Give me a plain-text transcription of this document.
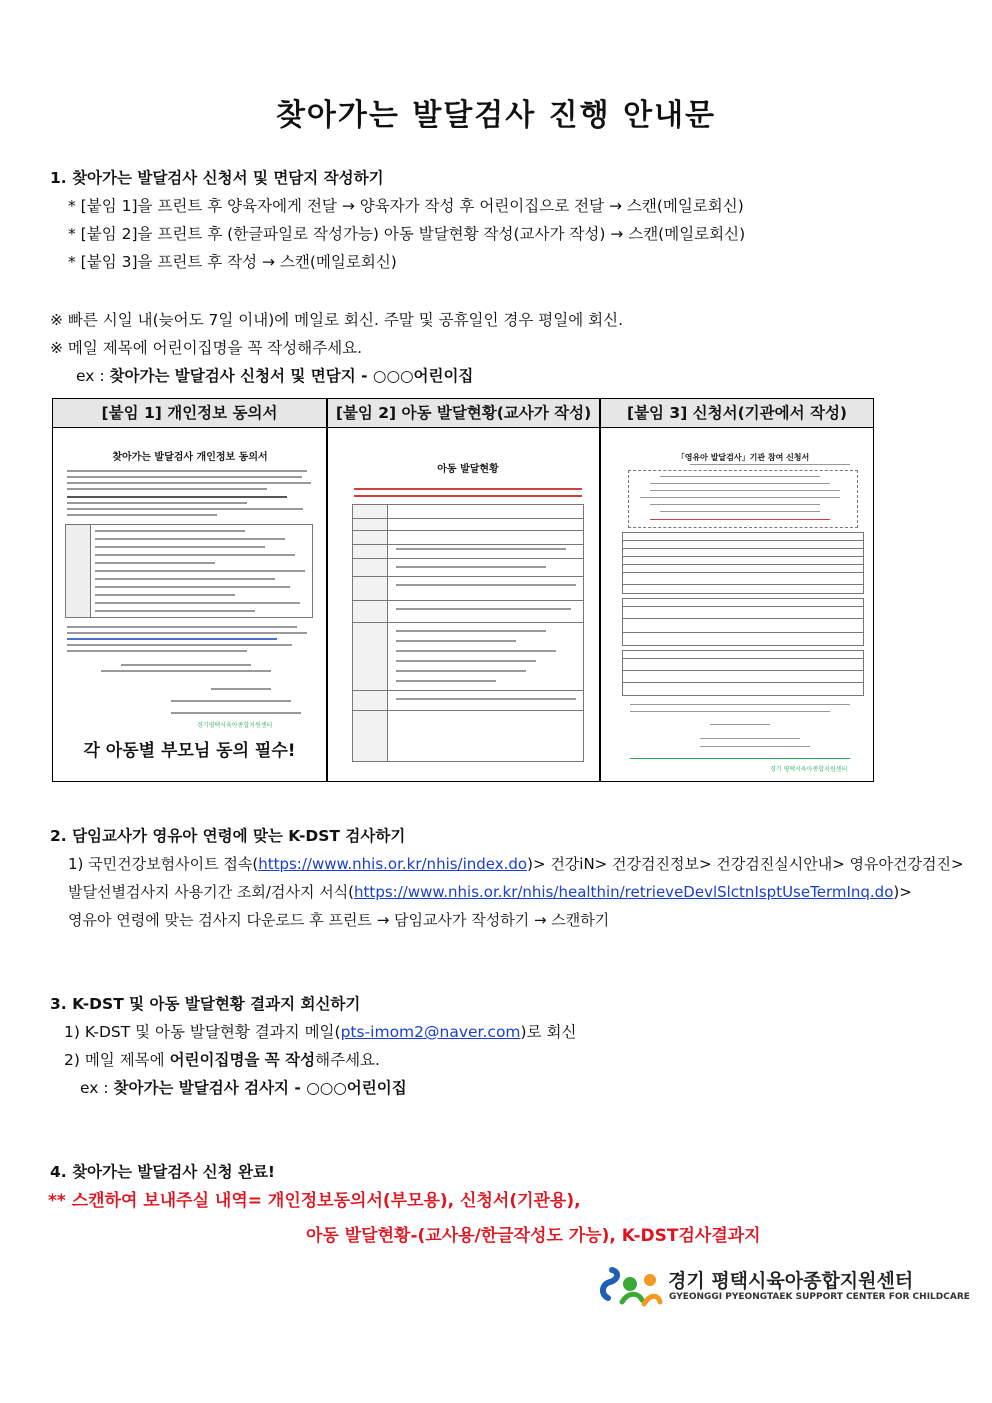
찾아가는 발달검사 진행 안내문
1. 찾아가는 발달검사 신청서 및 면담지 작성하기
* [붙임 1]을 프린트 후 양육자에게 전달 → 양육자가 작성 후 어린이집으로 전달 → 스캔(메일로회신)
* [붙임 2]을 프린트 후 (한글파일로 작성가능) 아동 발달현황 작성(교사가 작성) → 스캔(메일로회신)
* [붙임 3]을 프린트 후 작성 → 스캔(메일로회신)
※ 빠른 시일 내(늦어도 7일 이내)에 메일로 회신. 주말 및 공휴일인 경우 평일에 회신.
※ 메일 제목에 어린이집명을 꼭 작성해주세요.
ex : 찾아가는 발달검사 신청서 및 면담지 - ○○○어린이집
[붙임 1] 개인정보 동의서	[붙임 2] 아동 발달현황(교사가 작성)	[붙임 3] 신청서(기관에서 작성)
찾아가는 발달검사 개인정보 동의서
경기평택시육아종합지원센터
각 아동별 부모님 동의 필수!
아동 발달현황
「영유아 발달검사」기관 참여 신청서
경기 평택시육아종합지원센터
2. 담임교사가 영유아 연령에 맞는 K-DST 검사하기
1) 국민건강보험사이트 접속(https://www.nhis.or.kr/nhis/index.do)> 건강iN> 건강검진정보> 건강검진실시안내> 영유아건강검진>
발달선별검사지 사용기간 조회/검사지 서식(https://www.nhis.or.kr/nhis/healthin/retrieveDevlSlctnIsptUseTermInq.do)>
영유아 연령에 맞는 검사지 다운로드 후 프린트 → 담임교사가 작성하기 → 스캔하기
3. K-DST 및 아동 발달현황 결과지 회신하기
1) K-DST 및 아동 발달현황 결과지 메일(pts-imom2@naver.com)로 회신
2) 메일 제목에 어린이집명을 꼭 작성해주세요.
ex : 찾아가는 발달검사 검사지 - ○○○어린이집
4. 찾아가는 발달검사 신청 완료!
** 스캔하여 보내주실 내역= 개인정보동의서(부모용), 신청서(기관용),
아동 발달현황-(교사용/한글작성도 가능), K-DST검사결과지
경기 평택시육아종합지원센터
GYEONGGI PYEONGTAEK SUPPORT CENTER FOR CHILDCARE
